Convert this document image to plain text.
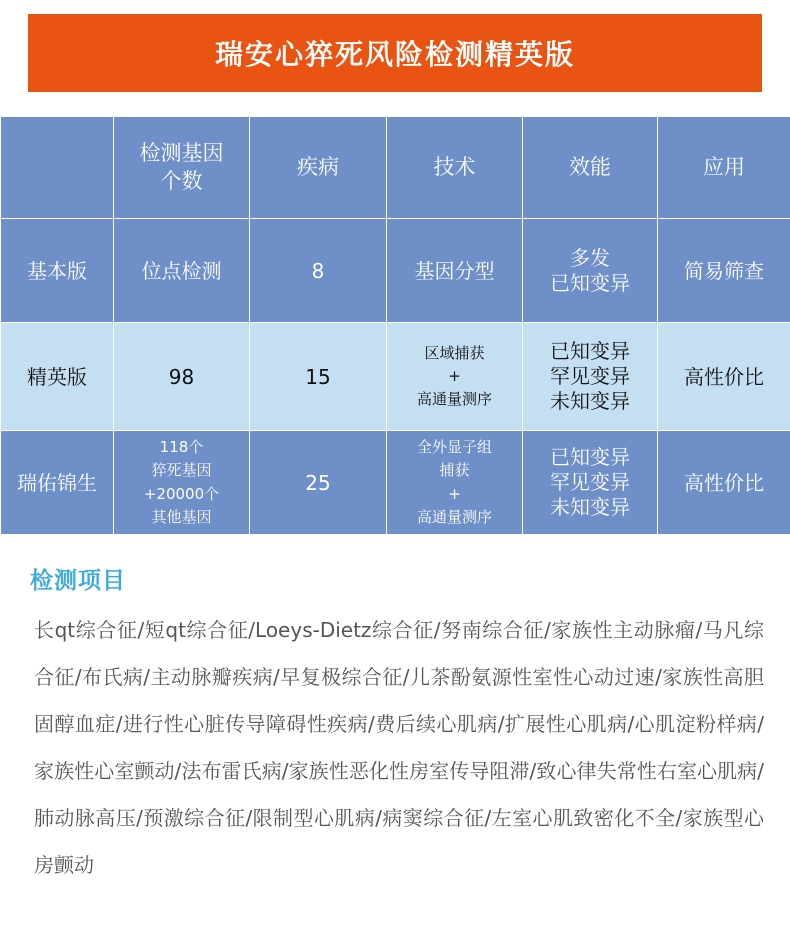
瑞安心猝死风险检测精英版
	检测基因
个数	疾病	技术	效能	应用
基本版	位点检测	8	基因分型	多发
已知变异	简易筛查
精英版	98	15	区域捕获
+
高通量测序	已知变异
罕见变异
未知变异	高性价比
瑞佑锦生	118个
猝死基因
+20000个
其他基因	25	全外显子组
捕获
+
高通量测序	已知变异
罕见变异
未知变异	高性价比
检测项目
长qt综合征/短qt综合征/Loeys-Dietz综合征/努南综合征/家族性主动脉瘤/马凡综合征/布氏病/主动脉瓣疾病/早复极综合征/儿茶酚氨源性室性心动过速/家族性高胆固醇血症/进行性心脏传导障碍性疾病/费后续心肌病/扩展性心肌病/心肌淀粉样病/家族性心室颤动/法布雷氏病/家族性恶化性房室传导阻滞/致心律失常性右室心肌病/肺动脉高压/预激综合征/限制型心肌病/病窦综合征/左室心肌致密化不全/家族型心房颤动
